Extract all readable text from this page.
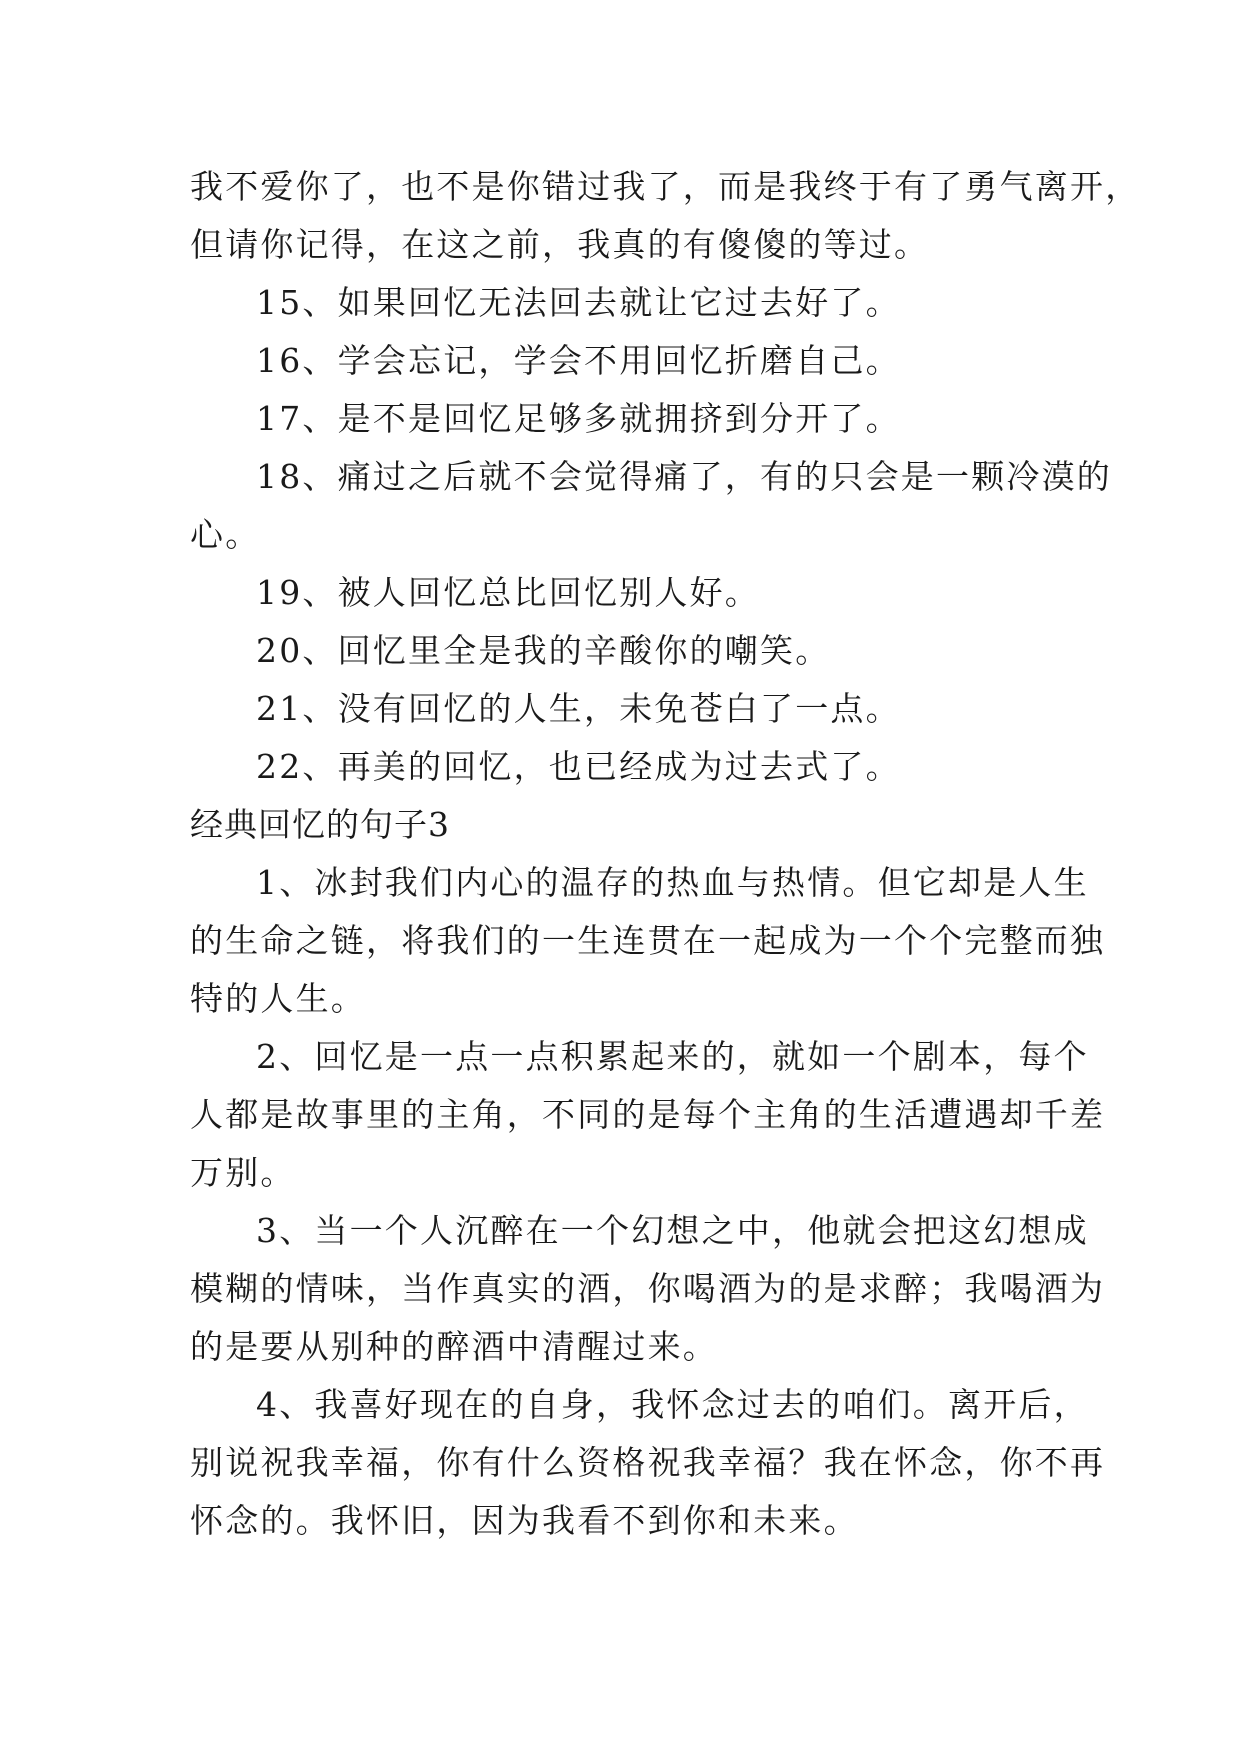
我不爱你了，也不是你错过我了，而是我终于有了勇气离开，
但请你记得，在这之前，我真的有傻傻的等过。
15、如果回忆无法回去就让它过去好了。
16、学会忘记，学会不用回忆折磨自己。
17、是不是回忆足够多就拥挤到分开了。
18、痛过之后就不会觉得痛了，有的只会是一颗冷漠的
心。
19、被人回忆总比回忆别人好。
20、回忆里全是我的辛酸你的嘲笑。
21、没有回忆的人生，未免苍白了一点。
22、再美的回忆，也已经成为过去式了。
经典回忆的句子3
1、冰封我们内心的温存的热血与热情。但它却是人生
的生命之链，将我们的一生连贯在一起成为一个个完整而独
特的人生。
2、回忆是一点一点积累起来的，就如一个剧本，每个
人都是故事里的主角，不同的是每个主角的生活遭遇却千差
万别。
3、当一个人沉醉在一个幻想之中，他就会把这幻想成
模糊的情味，当作真实的酒，你喝酒为的是求醉；我喝酒为
的是要从别种的醉酒中清醒过来。
4、我喜好现在的自身，我怀念过去的咱们。离开后，
别说祝我幸福，你有什么资格祝我幸福？我在怀念，你不再
怀念的。我怀旧，因为我看不到你和未来。
